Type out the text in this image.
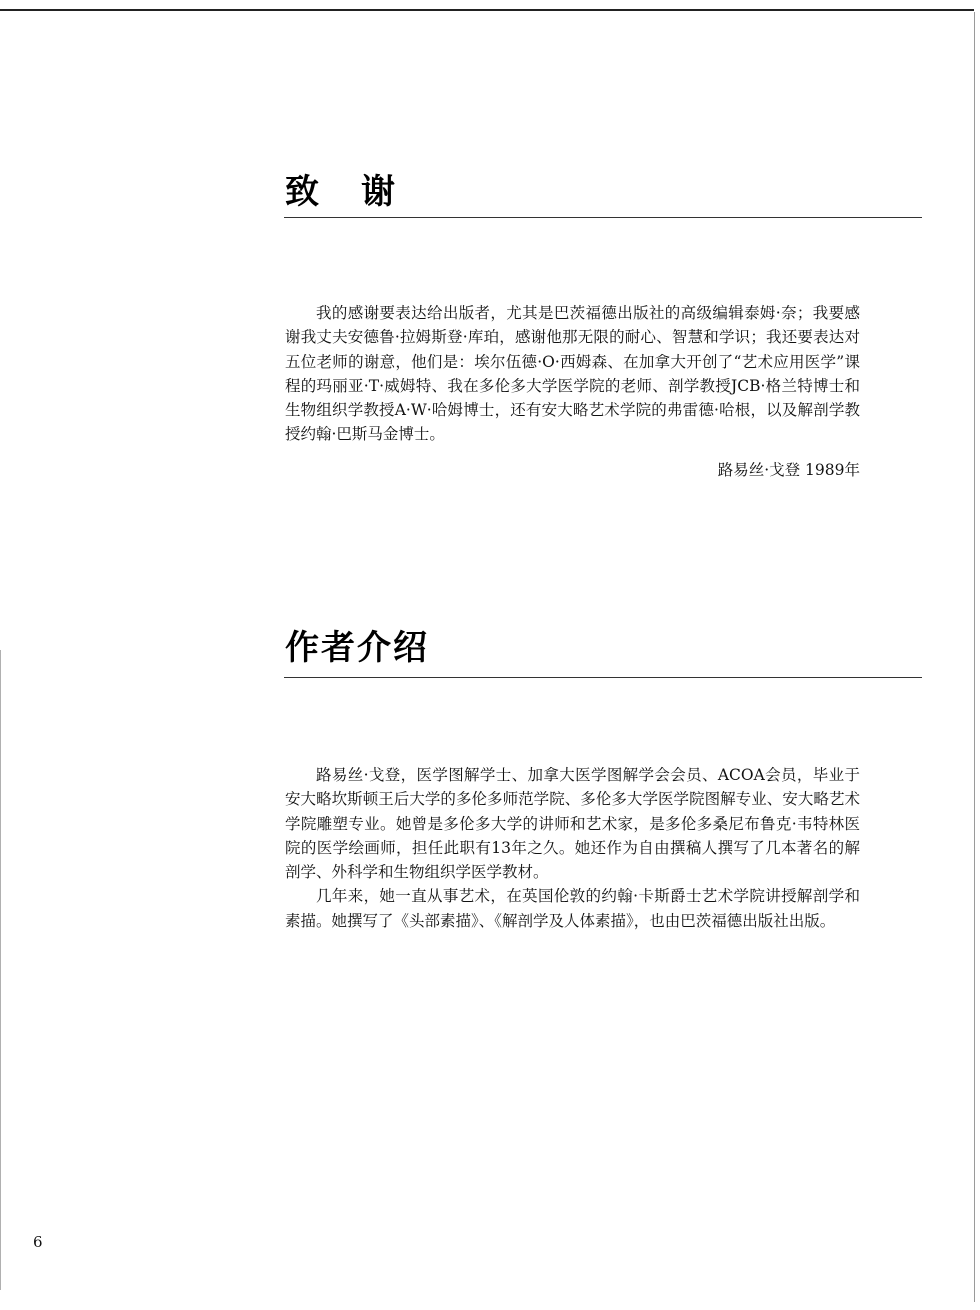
致谢

我的感谢要表达给出版者，尤其是巴茨福德出版社的高级编辑泰姆·奈；我要感谢我丈夫安德鲁·拉姆斯登·库珀，感谢他那无限的耐心、智慧和学识；我还要表达对五位老师的谢意，他们是：埃尔伍德·O·西姆森、在加拿大开创了“艺术应用医学”课程的玛丽亚·T·威姆特、我在多伦多大学医学院的老师、剖学教授JCB·格兰特博士和生物组织学教授A·W·哈姆博士，还有安大略艺术学院的弗雷德·哈根，以及解剖学教授约翰·巴斯马金博士。

路易丝·戈登 1989年
作者介绍

路易丝·戈登，医学图解学士、加拿大医学图解学会会员、ACOA会员，毕业于安大略坎斯顿王后大学的多伦多师范学院、多伦多大学医学院图解专业、安大略艺术学院雕塑专业。她曾是多伦多大学的讲师和艺术家，是多伦多桑尼布鲁克·韦特林医院的医学绘画师，担任此职有13年之久。她还作为自由撰稿人撰写了几本著名的解剖学、外科学和生物组织学医学教材。

几年来，她一直从事艺术，在英国伦敦的约翰·卡斯爵士艺术学院讲授解剖学和素描。她撰写了《头部素描》、《解剖学及人体素描》，也由巴茨福德出版社出版。

6
